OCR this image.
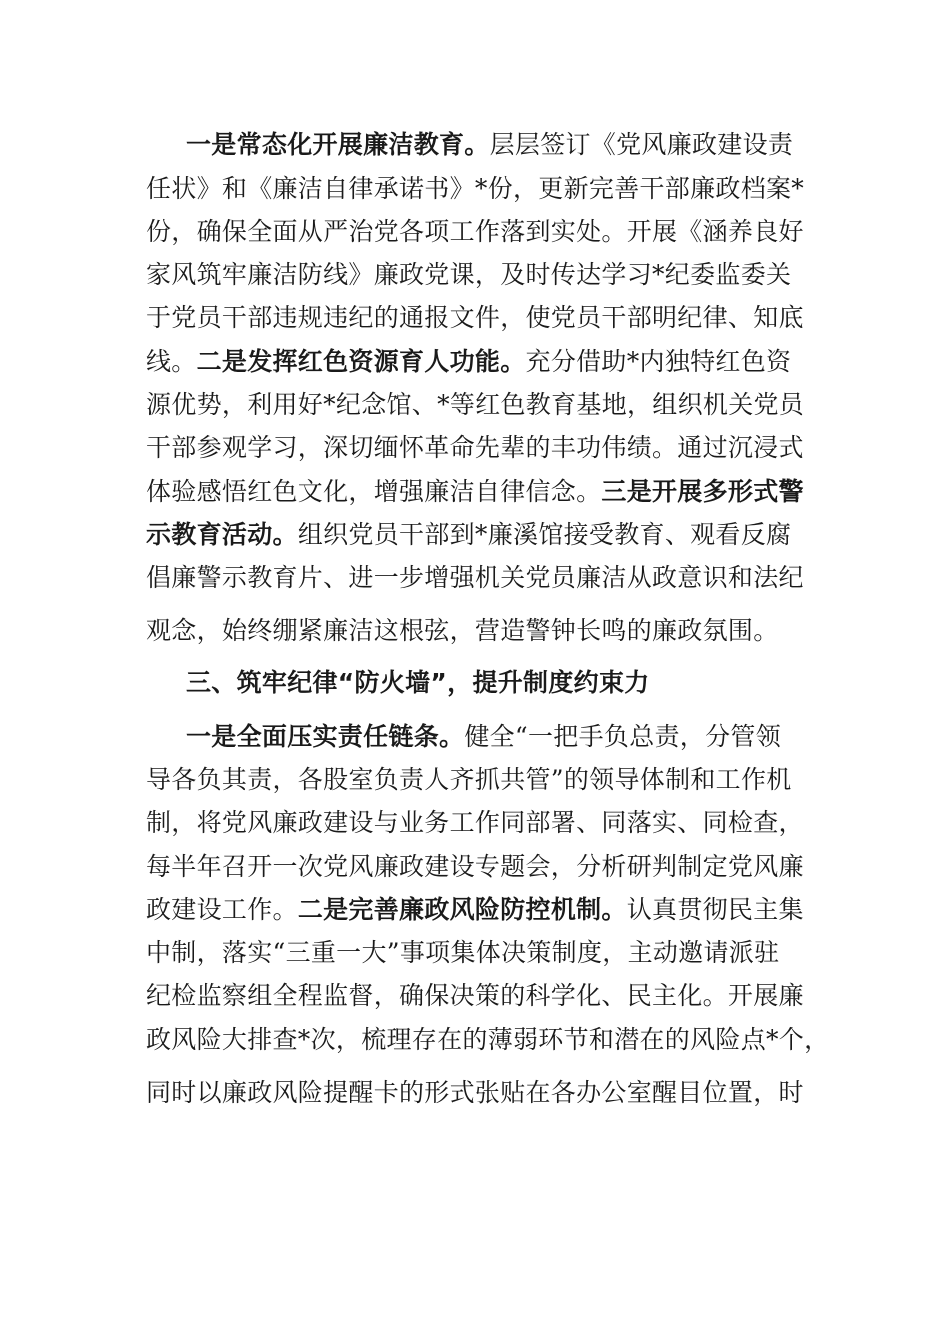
一是常态化开展廉洁教育。层层签订《党风廉政建设责
任状》和《廉洁自律承诺书》*份，更新完善干部廉政档案*
份，确保全面从严治党各项工作落到实处。开展《涵养良好
家风筑牢廉洁防线》廉政党课，及时传达学习*纪委监委关
于党员干部违规违纪的通报文件，使党员干部明纪律、知底
线。二是发挥红色资源育人功能。充分借助*内独特红色资
源优势，利用好*纪念馆、*等红色教育基地，组织机关党员
干部参观学习，深切缅怀革命先辈的丰功伟绩。通过沉浸式
体验感悟红色文化，增强廉洁自律信念。三是开展多形式警
示教育活动。组织党员干部到*廉溪馆接受教育、观看反腐
倡廉警示教育片、进一步增强机关党员廉洁从政意识和法纪
观念，始终绷紧廉洁这根弦，营造警钟长鸣的廉政氛围。
三、筑牢纪律“防火墙”，提升制度约束力
一是全面压实责任链条。健全“一把手负总责，分管领
导各负其责，各股室负责人齐抓共管”的领导体制和工作机
制，将党风廉政建设与业务工作同部署、同落实、同检查，
每半年召开一次党风廉政建设专题会，分析研判制定党风廉
政建设工作。二是完善廉政风险防控机制。认真贯彻民主集
中制，落实“三重一大”事项集体决策制度，主动邀请派驻
纪检监察组全程监督，确保决策的科学化、民主化。开展廉
政风险大排查*次，梳理存在的薄弱环节和潜在的风险点*个，
同时以廉政风险提醒卡的形式张贴在各办公室醒目位置，时
